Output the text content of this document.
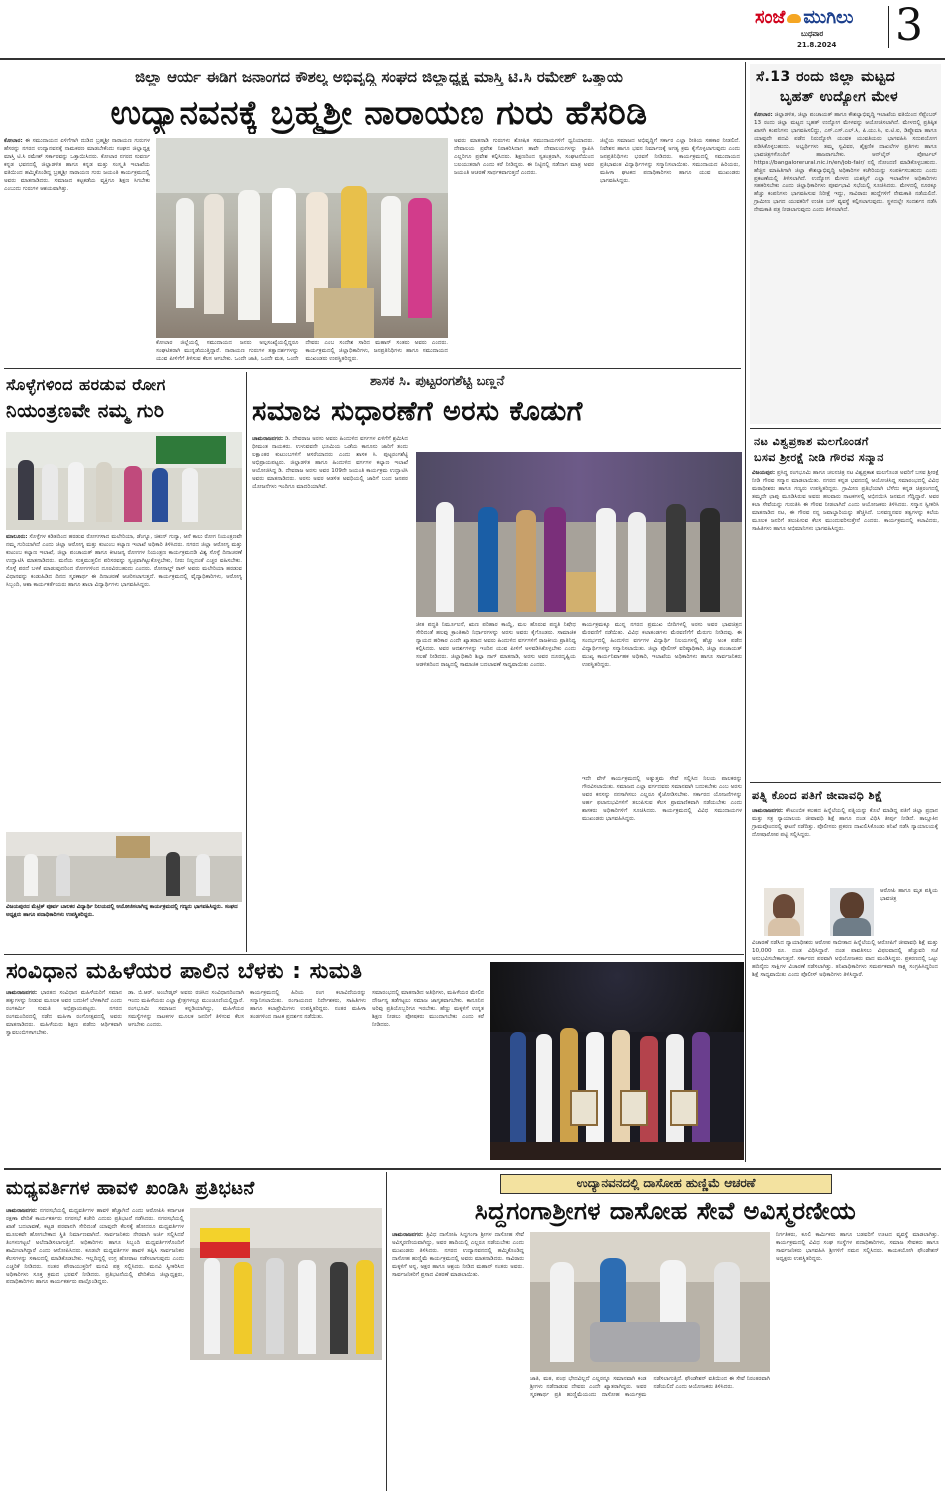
ಸಂಜೆ ಮುಗಿಲು
ಬುಧವಾರ
21.8.2024 3
ಜಿಲ್ಲಾ ಆರ್ಯ ಈಡಿಗ ಜನಾಂಗದ ಕೌಶಲ್ಯ ಅಭಿವೃದ್ಧಿ ಸಂಘದ ಜಿಲ್ಲಾಧ್ಯಕ್ಷ ಮಾಸ್ತಿ ಟಿ.ಸಿ ರಮೇಶ್ ಒತ್ತಾಯ
ಉದ್ಯಾನವನಕ್ಕೆ ಬ್ರಹ್ಮಶ್ರೀ ನಾರಾಯಣ ಗುರು ಹೆಸರಿಡಿ
ಕೋಲಾರ: ಈ ಸಮುದಾಯದ ಏಳಿಗೆಗಾಗಿ ದುಡಿದ ಬ್ರಹ್ಮಶ್ರೀ ನಾರಾಯಣ ಗುರುಗಳ ಹೆಸರನ್ನು ನಗರದ ಉದ್ಯಾನವನಕ್ಕೆ ನಾಮಕರಣ ಮಾಡಬೇಕೆಂದು ಸಂಘದ ಜಿಲ್ಲಾಧ್ಯಕ್ಷ ಮಾಸ್ತಿ ಟಿ.ಸಿ ರಮೇಶ್ ಸರ್ಕಾರವನ್ನು ಒತ್ತಾಯಿಸಿದರು. ಕೋಲಾರ ನಗರದ ಸುವರ್ಣ ಕನ್ನಡ ಭವನದಲ್ಲಿ ಜಿಲ್ಲಾಡಳಿತ ಹಾಗೂ ಕನ್ನಡ ಮತ್ತು ಸಂಸ್ಕೃತಿ ಇಲಾಖೆಯ ವತಿಯಿಂದ ಹಮ್ಮಿಕೊಂಡಿದ್ದ ಬ್ರಹ್ಮಶ್ರೀ ನಾರಾಯಣ ಗುರು ಜಯಂತಿ ಕಾರ್ಯಕ್ರಮದಲ್ಲಿ ಅವರು ಮಾತನಾಡಿದರು. ಸಮಾಜದ ಕಟ್ಟಕಡೆಯ ವ್ಯಕ್ತಿಗೂ ಶಿಕ್ಷಣ ಸಿಗಬೇಕು ಎಂಬುದು ಗುರುಗಳ ಆಶಯವಾಗಿತ್ತು.
ಅವರು ಮಾತನಾಡಿ ಗುರುಗಳು ಶೋಷಿತ ಸಮುದಾಯಗಳಿಗೆ ಧ್ವನಿಯಾದರು. ದೇವಾಲಯ ಪ್ರವೇಶ ನಿರಾಕರಿಸಿದಾಗ ತಾವೇ ದೇವಾಲಯಗಳನ್ನು ಸ್ಥಾಪಿಸಿ ಎಲ್ಲರಿಗೂ ಪ್ರವೇಶ ಕಲ್ಪಿಸಿದರು. ಶಿಕ್ಷಣದಿಂದ ಸ್ವತಂತ್ರರಾಗಿ, ಸಂಘಟನೆಯಿಂದ ಬಲಯುತರಾಗಿ ಎಂದು ಕರೆ ನೀಡಿದ್ದರು. ಈ ನಿಟ್ಟಿನಲ್ಲಿ ನಡೆದಾಗ ಮಾತ್ರ ಅವರ ಜಯಂತಿ ಆಚರಣೆ ಸಾರ್ಥಕವಾಗುತ್ತದೆ ಎಂದರು.
ಜಿಲ್ಲೆಯ ಸಮಾಜದ ಅಭಿವೃದ್ಧಿಗೆ ಸರ್ಕಾರ ಎಲ್ಲಾ ರೀತಿಯ ಸಹಕಾರ ನೀಡಲಿದೆ. ನಿವೇಶನ ಹಾಗೂ ಭವನ ನಿರ್ಮಾಣಕ್ಕೆ ಅಗತ್ಯ ಕ್ರಮ ಕೈಗೊಳ್ಳಲಾಗುವುದು ಎಂದು ಜನಪ್ರತಿನಿಧಿಗಳು ಭರವಸೆ ನೀಡಿದರು. ಕಾರ್ಯಕ್ರಮದಲ್ಲಿ ಸಮುದಾಯದ ಪ್ರತಿಭಾವಂತ ವಿದ್ಯಾರ್ಥಿಗಳನ್ನು ಸನ್ಮಾನಿಸಲಾಯಿತು. ಸಮುದಾಯದ ಹಿರಿಯರು, ಮಹಿಳಾ ಘಟಕದ ಪದಾಧಿಕಾರಿಗಳು ಹಾಗೂ ಯುವ ಮುಖಂಡರು ಭಾಗವಹಿಸಿದ್ದರು.
ಕೋಲಾರ ಜಿಲ್ಲೆಯಲ್ಲಿ ಸಮುದಾಯದ ಜನರು ಅಲ್ಪಸಂಖ್ಯೆಯಲ್ಲಿದ್ದರೂ ಸಂಘಟಿತರಾಗಿ ಮುನ್ನಡೆಯುತ್ತಿದ್ದಾರೆ. ನಾರಾಯಣ ಗುರುಗಳ ತತ್ವಾದರ್ಶಗಳನ್ನು ಯುವ ಪೀಳಿಗೆಗೆ ತಿಳಿಸುವ ಕೆಲಸ ಆಗಬೇಕು. ಒಂದೇ ಜಾತಿ, ಒಂದೇ ಮತ, ಒಂದೇ ದೇವರು ಎಂಬ ಸಂದೇಶ ಸಾರಿದ ಮಹಾನ್ ಸಂತರು ಅವರು ಎಂದರು. ಕಾರ್ಯಕ್ರಮದಲ್ಲಿ ಜಿಲ್ಲಾಧಿಕಾರಿಗಳು, ಜನಪ್ರತಿನಿಧಿಗಳು ಹಾಗೂ ಸಮುದಾಯದ ಮುಖಂಡರು ಉಪಸ್ಥಿತರಿದ್ದರು.
ಸೆ.13 ರಂದು ಜಿಲ್ಲಾ ಮಟ್ಟದ
ಬೃಹತ್ ಉದ್ಯೋಗ ಮೇಳ
ಕೋಲಾರ: ಜಿಲ್ಲಾಡಳಿತ, ಜಿಲ್ಲಾ ಪಂಚಾಯತ್ ಹಾಗೂ ಕೌಶಲ್ಯಾಭಿವೃದ್ಧಿ ಇಲಾಖೆಯ ವತಿಯಿಂದ ಸೆಪ್ಟೆಂಬರ್ 13 ರಂದು ಜಿಲ್ಲಾ ಮಟ್ಟದ ಬೃಹತ್ ಉದ್ಯೋಗ ಮೇಳವನ್ನು ಆಯೋಜಿಸಲಾಗಿದೆ. ಮೇಳದಲ್ಲಿ ಪ್ರತಿಷ್ಠಿತ ಖಾಸಗಿ ಕಂಪನಿಗಳು ಭಾಗವಹಿಸಲಿದ್ದು, ಎಸ್.ಎಸ್.ಎಲ್.ಸಿ, ಪಿ.ಯು.ಸಿ, ಐ.ಟಿ.ಐ, ಡಿಪ್ಲೊಮಾ ಹಾಗೂ ಯಾವುದೇ ಪದವಿ ಪಡೆದ ನಿರುದ್ಯೋಗಿ ಯುವಕ ಯುವತಿಯರು ಭಾಗವಹಿಸಿ ಸದುಪಯೋಗ ಪಡಿಸಿಕೊಳ್ಳಬಹುದು. ಅಭ್ಯರ್ಥಿಗಳು ತಮ್ಮ ಸ್ವವಿವರ, ಶೈಕ್ಷಣಿಕ ದಾಖಲೆಗಳ ಪ್ರತಿಗಳು ಹಾಗೂ ಭಾವಚಿತ್ರಗಳೊಂದಿಗೆ ಹಾಜರಾಗಬೇಕು. ಆನ್‌ಲೈನ್ ಪೋರ್ಟಲ್ https://bangalorerural.nic.in/en/job-fair/ ನಲ್ಲಿ ನೋಂದಣಿ ಮಾಡಿಕೊಳ್ಳಬಹುದು. ಹೆಚ್ಚಿನ ಮಾಹಿತಿಗಾಗಿ ಜಿಲ್ಲಾ ಕೌಶಲ್ಯಾಭಿವೃದ್ಧಿ ಅಧಿಕಾರಿಗಳ ಕಚೇರಿಯನ್ನು ಸಂಪರ್ಕಿಸಬಹುದು ಎಂದು ಪ್ರಕಟಣೆಯಲ್ಲಿ ತಿಳಿಸಲಾಗಿದೆ. ಉದ್ಯೋಗ ಮೇಳದ ಯಶಸ್ಸಿಗೆ ಎಲ್ಲಾ ಇಲಾಖೆಗಳ ಅಧಿಕಾರಿಗಳು ಸಹಕರಿಸಬೇಕು ಎಂದು ಜಿಲ್ಲಾಧಿಕಾರಿಗಳು ಪೂರ್ವಭಾವಿ ಸಭೆಯಲ್ಲಿ ಸೂಚಿಸಿದರು. ಮೇಳದಲ್ಲಿ ನೂರಕ್ಕೂ ಹೆಚ್ಚು ಕಂಪನಿಗಳು ಭಾಗವಹಿಸುವ ನಿರೀಕ್ಷೆ ಇದ್ದು, ಸಾವಿರಾರು ಹುದ್ದೆಗಳಿಗೆ ನೇಮಕಾತಿ ನಡೆಯಲಿದೆ. ಗ್ರಾಮೀಣ ಭಾಗದ ಯುವಕರಿಗೆ ಉಚಿತ ಬಸ್ ವ್ಯವಸ್ಥೆ ಕಲ್ಪಿಸಲಾಗುವುದು. ಸ್ಥಳದಲ್ಲೇ ಸಂದರ್ಶನ ನಡೆಸಿ ನೇಮಕಾತಿ ಪತ್ರ ನೀಡಲಾಗುವುದು ಎಂದು ತಿಳಿಸಲಾಗಿದೆ.
ನಟ ವಿಶ್ವಪ್ರಕಾಶ ಮಲಗೊಂಡಗೆ
ಬಸವ ಶ್ರೀರಕ್ಷೆ ನೀಡಿ ಗೌರವ ಸನ್ಮಾನ
ವಿಜಯಪುರ: ಪ್ರಸಿದ್ಧ ರಂಗಭೂಮಿ ಹಾಗೂ ಚಲನಚಿತ್ರ ನಟ ವಿಶ್ವಪ್ರಕಾಶ ಮಲಗೊಂಡ ಅವರಿಗೆ ಬಸವ ಶ್ರೀರಕ್ಷೆ ನೀಡಿ ಗೌರವ ಸನ್ಮಾನ ಮಾಡಲಾಯಿತು. ನಗರದ ಕನ್ನಡ ಭವನದಲ್ಲಿ ಆಯೋಜಿಸಿದ್ದ ಸಮಾರಂಭದಲ್ಲಿ ವಿವಿಧ ಮಠಾಧೀಶರು ಹಾಗೂ ಗಣ್ಯರು ಉಪಸ್ಥಿತರಿದ್ದರು. ಗ್ರಾಮೀಣ ಪ್ರತಿಭೆಯಾಗಿ ಬೆಳೆದು ಕನ್ನಡ ಚಿತ್ರರಂಗದಲ್ಲಿ ತಮ್ಮದೇ ಛಾಪು ಮೂಡಿಸಿರುವ ಅವರು ಹಲವಾರು ನಾಟಕಗಳಲ್ಲಿ ಅಭಿನಯಿಸಿ ಜನಮನ ಗೆದ್ದಿದ್ದಾರೆ. ಅವರ ಕಲಾ ಸೇವೆಯನ್ನು ಗುರುತಿಸಿ ಈ ಗೌರವ ನೀಡಲಾಗಿದೆ ಎಂದು ಆಯೋಜಕರು ತಿಳಿಸಿದರು. ಸನ್ಮಾನ ಸ್ವೀಕರಿಸಿ ಮಾತನಾಡಿದ ನಟ, ಈ ಗೌರವ ನನ್ನ ಜವಾಬ್ದಾರಿಯನ್ನು ಹೆಚ್ಚಿಸಿದೆ. ಬಸವಣ್ಣನವರ ತತ್ವಗಳನ್ನು ಕಲೆಯ ಮೂಲಕ ಜನರಿಗೆ ತಲುಪಿಸುವ ಕೆಲಸ ಮುಂದುವರಿಸುತ್ತೇನೆ ಎಂದರು. ಕಾರ್ಯಕ್ರಮದಲ್ಲಿ ಕಲಾವಿದರು, ಸಾಹಿತಿಗಳು ಹಾಗೂ ಅಭಿಮಾನಿಗಳು ಭಾಗವಹಿಸಿದ್ದರು.
ಪತ್ನಿ ಕೊಂದ ಪತಿಗೆ ಜೀವಾವಧಿ ಶಿಕ್ಷೆ
ಚಾಮರಾಜನಗರ: ಕೌಟುಂಬಿಕ ಕಲಹದ ಹಿನ್ನೆಲೆಯಲ್ಲಿ ಪತ್ನಿಯನ್ನು ಕೊಲೆ ಮಾಡಿದ್ದ ಪತಿಗೆ ಜಿಲ್ಲಾ ಪ್ರಧಾನ ಮತ್ತು ಸತ್ರ ನ್ಯಾಯಾಲಯ ಜೀವಾವಧಿ ಶಿಕ್ಷೆ ಹಾಗೂ ದಂಡ ವಿಧಿಸಿ ತೀರ್ಪು ನೀಡಿದೆ. ತಾಲ್ಲೂಕಿನ ಗ್ರಾಮವೊಂದರಲ್ಲಿ ಘಟನೆ ನಡೆದಿತ್ತು. ಪೊಲೀಸರು ಪ್ರಕರಣ ದಾಖಲಿಸಿಕೊಂಡು ತನಿಖೆ ನಡೆಸಿ ನ್ಯಾಯಾಲಯಕ್ಕೆ ದೋಷಾರೋಪ ಪಟ್ಟಿ ಸಲ್ಲಿಸಿದ್ದರು.
ಆರೋಪಿ ಹಾಗೂ ಮೃತ ಪತ್ನಿಯ ಭಾವಚಿತ್ರ
ವಿಚಾರಣೆ ನಡೆಸಿದ ನ್ಯಾಯಾಧೀಶರು ಆರೋಪ ಸಾಬೀತಾದ ಹಿನ್ನೆಲೆಯಲ್ಲಿ ಆರೋಪಿಗೆ ಜೀವಾವಧಿ ಶಿಕ್ಷೆ ಮತ್ತು 10,000 ರೂ. ದಂಡ ವಿಧಿಸಿದ್ದಾರೆ. ದಂಡ ಪಾವತಿಸಲು ವಿಫಲವಾದಲ್ಲಿ ಹೆಚ್ಚುವರಿ ಸಜೆ ಅನುಭವಿಸಬೇಕಾಗುತ್ತದೆ. ಸರ್ಕಾರದ ಪರವಾಗಿ ಅಭಿಯೋಜಕರು ವಾದ ಮಂಡಿಸಿದ್ದರು. ಪ್ರಕರಣದಲ್ಲಿ ಒಟ್ಟು ಹದಿನೈದು ಸಾಕ್ಷಿಗಳ ವಿಚಾರಣೆ ನಡೆಸಲಾಗಿತ್ತು. ತನಿಖಾಧಿಕಾರಿಗಳು ಸಮರ್ಪಕವಾಗಿ ಸಾಕ್ಷ್ಯ ಸಂಗ್ರಹಿಸಿದ್ದರಿಂದ ಶಿಕ್ಷೆ ಸಾಧ್ಯವಾಯಿತು ಎಂದು ಪೊಲೀಸ್ ಅಧಿಕಾರಿಗಳು ತಿಳಿಸಿದ್ದಾರೆ.
ಸೊಳ್ಳೆಗಳಿಂದ ಹರಡುವ ರೋಗ
ನಿಯಂತ್ರಣವೇ ನಮ್ಮ ಗುರಿ
ಮಾಲೂರು: ಸೊಳ್ಳೆಗಳ ಕಡಿತದಿಂದ ಹರಡುವ ರೋಗಗಳಾದ ಮಲೇರಿಯಾ, ಡೆಂಗ್ಯೂ, ಚಿಕುನ್ ಗುನ್ಯಾ, ಆನೆ ಕಾಲು ರೋಗ ನಿಯಂತ್ರಣವೇ ನಮ್ಮ ಗುರಿಯಾಗಿದೆ ಎಂದು ಜಿಲ್ಲಾ ಆರೋಗ್ಯ ಮತ್ತು ಕುಟುಂಬ ಕಲ್ಯಾಣ ಇಲಾಖೆ ಅಧಿಕಾರಿ ತಿಳಿಸಿದರು. ನಗರದ ಜಿಲ್ಲಾ ಆರೋಗ್ಯ ಮತ್ತು ಕುಟುಂಬ ಕಲ್ಯಾಣ ಇಲಾಖೆ, ಜಿಲ್ಲಾ ಪಂಚಾಯತ್ ಹಾಗೂ ಕೀಟಜನ್ಯ ರೋಗಗಳ ನಿಯಂತ್ರಣ ಕಾರ್ಯಕ್ರಮದಡಿ ವಿಶ್ವ ಸೊಳ್ಳೆ ದಿನಾಚರಣೆ ಉದ್ಘಾಟಿಸಿ ಮಾತನಾಡಿದರು. ಮನೆಯ ಸುತ್ತಮುತ್ತಲಿನ ಪರಿಸರವನ್ನು ಸ್ವಚ್ಛವಾಗಿಟ್ಟುಕೊಳ್ಳಬೇಕು, ನೀರು ನಿಲ್ಲದಂತೆ ಎಚ್ಚರ ವಹಿಸಬೇಕು. ಸೊಳ್ಳೆ ಪರದೆ ಬಳಕೆ ಮಾಡುವುದರಿಂದ ರೋಗಗಳಿಂದ ದೂರವಿರಬಹುದು ಎಂದರು. ರೋನಾಲ್ಡ್ ರಾಸ್ ಅವರು ಮಲೇರಿಯಾ ಹರಡುವ ವಿಧಾನವನ್ನು ಕಂಡುಹಿಡಿದ ದಿನದ ಸ್ಮರಣಾರ್ಥ ಈ ದಿನಾಚರಣೆ ಆಚರಿಸಲಾಗುತ್ತದೆ. ಕಾರ್ಯಕ್ರಮದಲ್ಲಿ ವೈದ್ಯಾಧಿಕಾರಿಗಳು, ಆರೋಗ್ಯ ಸಿಬ್ಬಂದಿ, ಆಶಾ ಕಾರ್ಯಕರ್ತೆಯರು ಹಾಗೂ ಶಾಲಾ ವಿದ್ಯಾರ್ಥಿಗಳು ಭಾಗವಹಿಸಿದ್ದರು.
ವಿಜಯಪುರದ ಮೆಟ್ರಿಕ್ ಪೂರ್ವ ಬಾಲಕರ ವಿದ್ಯಾರ್ಥಿ ನಿಲಯದಲ್ಲಿ ಆಯೋಜಿಸಲಾಗಿದ್ದ ಕಾರ್ಯಕ್ರಮದಲ್ಲಿ ಗಣ್ಯರು ಭಾಗವಹಿಸಿದ್ದರು. ಸಂಘದ ಅಧ್ಯಕ್ಷರು ಹಾಗೂ ಪದಾಧಿಕಾರಿಗಳು ಉಪಸ್ಥಿತರಿದ್ದರು.
ಶಾಸಕ ಸಿ. ಪುಟ್ಟರಂಗಶೆಟ್ಟಿ ಬಣ್ಣನೆ
ಸಮಾಜ ಸುಧಾರಣೆಗೆ ಅರಸು ಕೊಡುಗೆ
ಚಾಮರಾಜನಗರ: ಡಿ. ದೇವರಾಜ ಅರಸು ಅವರು ಹಿಂದುಳಿದ ವರ್ಗಗಳ ಏಳಿಗೆಗೆ ಶ್ರಮಿಸಿದ ಧೀಮಂತ ನಾಯಕರು. ಉಳುವವನೇ ಭೂಮಿಯ ಒಡೆಯ ಕಾನೂನು ಜಾರಿಗೆ ತಂದು ಲಕ್ಷಾಂತರ ಕುಟುಂಬಗಳಿಗೆ ಆಸರೆಯಾದರು ಎಂದು ಶಾಸಕ ಸಿ. ಪುಟ್ಟರಂಗಶೆಟ್ಟಿ ಅಭಿಪ್ರಾಯಪಟ್ಟರು. ಜಿಲ್ಲಾಡಳಿತ ಹಾಗೂ ಹಿಂದುಳಿದ ವರ್ಗಗಳ ಕಲ್ಯಾಣ ಇಲಾಖೆ ಆಯೋಜಿಸಿದ್ದ ಡಿ. ದೇವರಾಜ ಅರಸು ಅವರ 109ನೇ ಜಯಂತಿ ಕಾರ್ಯಕ್ರಮ ಉದ್ಘಾಟಿಸಿ ಅವರು ಮಾತನಾಡಿದರು. ಅರಸು ಅವರ ಆಡಳಿತ ಅವಧಿಯಲ್ಲಿ ಜಾರಿಗೆ ಬಂದ ಜನಪರ ಯೋಜನೆಗಳು ಇಂದಿಗೂ ಮಾದರಿಯಾಗಿವೆ.
ಜೀತ ಪದ್ಧತಿ ನಿರ್ಮೂಲನೆ, ಋಣ ಪರಿಹಾರ ಕಾಯ್ದೆ, ಮಲ ಹೊರುವ ಪದ್ಧತಿ ನಿಷೇಧ ಸೇರಿದಂತೆ ಹಲವು ಕ್ರಾಂತಿಕಾರಿ ನಿರ್ಧಾರಗಳನ್ನು ಅರಸು ಅವರು ಕೈಗೊಂಡರು. ಸಾಮಾಜಿಕ ನ್ಯಾಯದ ಹರಿಕಾರ ಎಂದೇ ಖ್ಯಾತರಾದ ಅವರು ಹಿಂದುಳಿದ ವರ್ಗಗಳಿಗೆ ರಾಜಕೀಯ ಪ್ರಾತಿನಿಧ್ಯ ಕಲ್ಪಿಸಿದರು. ಅವರ ಆದರ್ಶಗಳನ್ನು ಇಂದಿನ ಯುವ ಪೀಳಿಗೆ ಅಳವಡಿಸಿಕೊಳ್ಳಬೇಕು ಎಂದು ಸಲಹೆ ನೀಡಿದರು. ಜಿಲ್ಲಾಧಿಕಾರಿ ಶಿಲ್ಪಾ ನಾಗ್ ಮಾತನಾಡಿ, ಅರಸು ಅವರ ದೂರದೃಷ್ಟಿಯ ಆಡಳಿತದಿಂದ ರಾಜ್ಯದಲ್ಲಿ ಸಾಮಾಜಿಕ ಬದಲಾವಣೆ ಸಾಧ್ಯವಾಯಿತು ಎಂದರು.
ಕಾರ್ಯಕ್ರಮಕ್ಕೂ ಮುನ್ನ ನಗರದ ಪ್ರಮುಖ ಬೀದಿಗಳಲ್ಲಿ ಅರಸು ಅವರ ಭಾವಚಿತ್ರದ ಮೆರವಣಿಗೆ ನಡೆಯಿತು. ವಿವಿಧ ಕಲಾತಂಡಗಳು ಮೆರವಣಿಗೆಗೆ ಮೆರುಗು ನೀಡಿದವು. ಈ ಸಂದರ್ಭದಲ್ಲಿ ಹಿಂದುಳಿದ ವರ್ಗಗಳ ವಿದ್ಯಾರ್ಥಿ ನಿಲಯಗಳಲ್ಲಿ ಹೆಚ್ಚು ಅಂಕ ಪಡೆದ ವಿದ್ಯಾರ್ಥಿಗಳನ್ನು ಸನ್ಮಾನಿಸಲಾಯಿತು. ಜಿಲ್ಲಾ ಪೊಲೀಸ್ ವರಿಷ್ಠಾಧಿಕಾರಿ, ಜಿಲ್ಲಾ ಪಂಚಾಯತ್ ಮುಖ್ಯ ಕಾರ್ಯನಿರ್ವಾಹಕ ಅಧಿಕಾರಿ, ಇಲಾಖೆಯ ಅಧಿಕಾರಿಗಳು ಹಾಗೂ ಸಾರ್ವಜನಿಕರು ಉಪಸ್ಥಿತರಿದ್ದರು.
ಇದೇ ವೇಳೆ ಕಾರ್ಯಕ್ರಮದಲ್ಲಿ ಅತ್ಯುತ್ತಮ ಸೇವೆ ಸಲ್ಲಿಸಿದ ನಿಲಯ ಪಾಲಕರನ್ನು ಗೌರವಿಸಲಾಯಿತು. ಸಮಾಜದ ಎಲ್ಲಾ ವರ್ಗದವರು ಸಮಾನವಾಗಿ ಬದುಕಬೇಕು ಎಂಬ ಅರಸು ಅವರ ಕನಸನ್ನು ನನಸಾಗಿಸಲು ಎಲ್ಲರೂ ಕೈಜೋಡಿಸಬೇಕು. ಸರ್ಕಾರದ ಯೋಜನೆಗಳನ್ನು ಅರ್ಹ ಫಲಾನುಭವಿಗಳಿಗೆ ತಲುಪಿಸುವ ಕೆಲಸ ಪ್ರಾಮಾಣಿಕವಾಗಿ ನಡೆಯಬೇಕು ಎಂದು ಶಾಸಕರು ಅಧಿಕಾರಿಗಳಿಗೆ ಸೂಚಿಸಿದರು. ಕಾರ್ಯಕ್ರಮದಲ್ಲಿ ವಿವಿಧ ಸಮುದಾಯಗಳ ಮುಖಂಡರು ಭಾಗವಹಿಸಿದ್ದರು.
ಸಂವಿಧಾನ ಮಹಿಳೆಯರ ಪಾಲಿನ ಬೆಳಕು : ಸುಮತಿ
ಚಾಮರಾಜನಗರ: ಭಾರತದ ಸಂವಿಧಾನ ಮಹಿಳೆಯರಿಗೆ ಸಮಾನ ಹಕ್ಕುಗಳನ್ನು ನೀಡುವ ಮೂಲಕ ಅವರ ಬದುಕಿಗೆ ಬೆಳಕಾಗಿದೆ ಎಂದು ರಂಗಕರ್ಮಿ ಸುಮತಿ ಅಭಿಪ್ರಾಯಪಟ್ಟರು. ನಗರದ ರಂಗಮಂದಿರದಲ್ಲಿ ನಡೆದ ಮಹಿಳಾ ರಂಗೋತ್ಸವದಲ್ಲಿ ಅವರು ಮಾತನಾಡಿದರು. ಮಹಿಳೆಯರು ಶಿಕ್ಷಣ ಪಡೆದು ಆರ್ಥಿಕವಾಗಿ ಸ್ವಾವಲಂಬಿಗಳಾಗಬೇಕು.
ಡಾ. ಬಿ.ಆರ್. ಅಂಬೇಡ್ಕರ್ ಅವರು ರಚಿಸಿದ ಸಂವಿಧಾನದಿಂದಾಗಿ ಇಂದು ಮಹಿಳೆಯರು ಎಲ್ಲಾ ಕ್ಷೇತ್ರಗಳಲ್ಲೂ ಮುಂಚೂಣಿಯಲ್ಲಿದ್ದಾರೆ. ರಂಗಭೂಮಿ ಸಮಾಜದ ಕನ್ನಡಿಯಾಗಿದ್ದು, ಮಹಿಳೆಯರ ಸಮಸ್ಯೆಗಳನ್ನು ನಾಟಕಗಳ ಮೂಲಕ ಜನರಿಗೆ ತಿಳಿಸುವ ಕೆಲಸ ಆಗಬೇಕು ಎಂದರು.
ಕಾರ್ಯಕ್ರಮದಲ್ಲಿ ಹಿರಿಯ ರಂಗ ಕಲಾವಿದೆಯರನ್ನು ಸನ್ಮಾನಿಸಲಾಯಿತು. ರಂಗಾಯಣದ ನಿರ್ದೇಶಕರು, ಸಾಹಿತಿಗಳು ಹಾಗೂ ಕಲಾಪ್ರೇಮಿಗಳು ಉಪಸ್ಥಿತರಿದ್ದರು. ನಂತರ ಮಹಿಳಾ ತಂಡಗಳಿಂದ ನಾಟಕ ಪ್ರದರ್ಶನ ನಡೆಯಿತು.
ಸಮಾರಂಭದಲ್ಲಿ ಮಾತನಾಡಿದ ಅತಿಥಿಗಳು, ಮಹಿಳೆಯರ ಮೇಲಿನ ದೌರ್ಜನ್ಯ ತಡೆಗಟ್ಟಲು ಸಮಾಜ ಜಾಗೃತವಾಗಬೇಕು. ಕಾನೂನಿನ ಅರಿವು ಪ್ರತಿಯೊಬ್ಬರಿಗೂ ಇರಬೇಕು. ಹೆಣ್ಣು ಮಕ್ಕಳಿಗೆ ಉನ್ನತ ಶಿಕ್ಷಣ ನೀಡಲು ಪೋಷಕರು ಮುಂದಾಗಬೇಕು ಎಂದು ಕರೆ ನೀಡಿದರು.
ಮಧ್ಯವರ್ತಿಗಳ ಹಾವಳಿ ಖಂಡಿಸಿ ಪ್ರತಿಭಟನೆ
ಚಾಮರಾಜನಗರ: ನಗರಸಭೆಯಲ್ಲಿ ಮಧ್ಯವರ್ತಿಗಳ ಹಾವಳಿ ಹೆಚ್ಚಾಗಿದೆ ಎಂದು ಆರೋಪಿಸಿ ಕರ್ನಾಟಕ ರಕ್ಷಣಾ ವೇದಿಕೆ ಕಾರ್ಯಕರ್ತರು ನಗರಸಭೆ ಕಚೇರಿ ಎದುರು ಪ್ರತಿಭಟನೆ ನಡೆಸಿದರು. ನಗರಸಭೆಯಲ್ಲಿ ಖಾತೆ ಬದಲಾವಣೆ, ಕಟ್ಟಡ ಪರವಾನಗಿ ಸೇರಿದಂತೆ ಯಾವುದೇ ಕೆಲಸಕ್ಕೆ ಹೋದರೂ ಮಧ್ಯವರ್ತಿಗಳ ಮೂಲಕವೇ ಹೋಗಬೇಕಾದ ಸ್ಥಿತಿ ನಿರ್ಮಾಣವಾಗಿದೆ. ಸಾರ್ವಜನಿಕರು ನೇರವಾಗಿ ಅರ್ಜಿ ಸಲ್ಲಿಸಿದರೆ ತಿಂಗಳುಗಟ್ಟಲೆ ಅಲೆದಾಡಿಸಲಾಗುತ್ತಿದೆ. ಅಧಿಕಾರಿಗಳು ಹಾಗೂ ಸಿಬ್ಬಂದಿ ಮಧ್ಯವರ್ತಿಗಳೊಂದಿಗೆ ಶಾಮೀಲಾಗಿದ್ದಾರೆ ಎಂದು ಆರೋಪಿಸಿದರು. ಕೂಡಲೇ ಮಧ್ಯವರ್ತಿಗಳ ಹಾವಳಿ ತಪ್ಪಿಸಿ ಸಾರ್ವಜನಿಕರ ಕೆಲಸಗಳನ್ನು ಸಕಾಲದಲ್ಲಿ ಮಾಡಿಕೊಡಬೇಕು. ಇಲ್ಲದಿದ್ದಲ್ಲಿ ಉಗ್ರ ಹೋರಾಟ ನಡೆಸಲಾಗುವುದು ಎಂದು ಎಚ್ಚರಿಕೆ ನೀಡಿದರು. ನಂತರ ಪೌರಾಯುಕ್ತರಿಗೆ ಮನವಿ ಪತ್ರ ಸಲ್ಲಿಸಿದರು. ಮನವಿ ಸ್ವೀಕರಿಸಿದ ಅಧಿಕಾರಿಗಳು ಸೂಕ್ತ ಕ್ರಮದ ಭರವಸೆ ನೀಡಿದರು. ಪ್ರತಿಭಟನೆಯಲ್ಲಿ ವೇದಿಕೆಯ ಜಿಲ್ಲಾಧ್ಯಕ್ಷರು, ಪದಾಧಿಕಾರಿಗಳು ಹಾಗೂ ಕಾರ್ಯಕರ್ತರು ಪಾಲ್ಗೊಂಡಿದ್ದರು.
ಉದ್ಯಾನವನದಲ್ಲಿ ದಾಸೋಹ ಹುಣ್ಣಿಮೆ ಆಚರಣೆ
ಸಿದ್ದಗಂಗಾಶ್ರೀಗಳ ದಾಸೋಹ ಸೇವೆ ಅವಿಸ್ಮರಣೀಯ
ಚಾಮರಾಜನಗರ: ತ್ರಿವಿಧ ದಾಸೋಹಿ ಸಿದ್ದಗಂಗಾ ಶ್ರೀಗಳ ದಾಸೋಹ ಸೇವೆ ಅವಿಸ್ಮರಣೀಯವಾಗಿದ್ದು, ಅವರ ಹಾದಿಯಲ್ಲಿ ಎಲ್ಲರೂ ನಡೆಯಬೇಕು ಎಂದು ಮುಖಂಡರು ತಿಳಿಸಿದರು. ನಗರದ ಉದ್ಯಾನವನದಲ್ಲಿ ಹಮ್ಮಿಕೊಂಡಿದ್ದ ದಾಸೋಹ ಹುಣ್ಣಿಮೆ ಕಾರ್ಯಕ್ರಮದಲ್ಲಿ ಅವರು ಮಾತನಾಡಿದರು. ಸಾವಿರಾರು ಮಕ್ಕಳಿಗೆ ಅನ್ನ, ಅಕ್ಷರ ಹಾಗೂ ಆಶ್ರಯ ನೀಡಿದ ಮಹಾನ್ ಸಂತರು ಅವರು. ಸಾರ್ವಜನಿಕರಿಗೆ ಪ್ರಸಾದ ವಿತರಣೆ ಮಾಡಲಾಯಿತು.
ಜಾತಿ, ಮತ, ಪಂಥ ಭೇದವಿಲ್ಲದೆ ಎಲ್ಲರನ್ನೂ ಸಮಾನವಾಗಿ ಕಂಡ ಶ್ರೀಗಳು ನಡೆದಾಡುವ ದೇವರು ಎಂದೇ ಖ್ಯಾತರಾಗಿದ್ದರು. ಅವರ ಸ್ಮರಣಾರ್ಥ ಪ್ರತಿ ಹುಣ್ಣಿಮೆಯಂದು ದಾಸೋಹ ಕಾರ್ಯಕ್ರಮ ನಡೆಸಲಾಗುತ್ತಿದೆ. ಫೌಂಡೇಶನ್ ವತಿಯಿಂದ ಈ ಸೇವೆ ನಿರಂತರವಾಗಿ ನಡೆಯಲಿದೆ ಎಂದು ಆಯೋಜಕರು ತಿಳಿಸಿದರು.
ನಿರ್ಗತಿಕರು, ಕೂಲಿ ಕಾರ್ಮಿಕರು ಹಾಗೂ ಬಡವರಿಗೆ ಊಟದ ವ್ಯವಸ್ಥೆ ಮಾಡಲಾಗಿತ್ತು. ಕಾರ್ಯಕ್ರಮದಲ್ಲಿ ವಿವಿಧ ಸಂಘ ಸಂಸ್ಥೆಗಳ ಪದಾಧಿಕಾರಿಗಳು, ಸಮಾಜ ಸೇವಕರು ಹಾಗೂ ಸಾರ್ವಜನಿಕರು ಭಾಗವಹಿಸಿ ಶ್ರೀಗಳಿಗೆ ನಮನ ಸಲ್ಲಿಸಿದರು. ಕಾಯಕಯೋಗಿ ಫೌಂಡೇಶನ್ ಅಧ್ಯಕ್ಷರು ಉಪಸ್ಥಿತರಿದ್ದರು.
